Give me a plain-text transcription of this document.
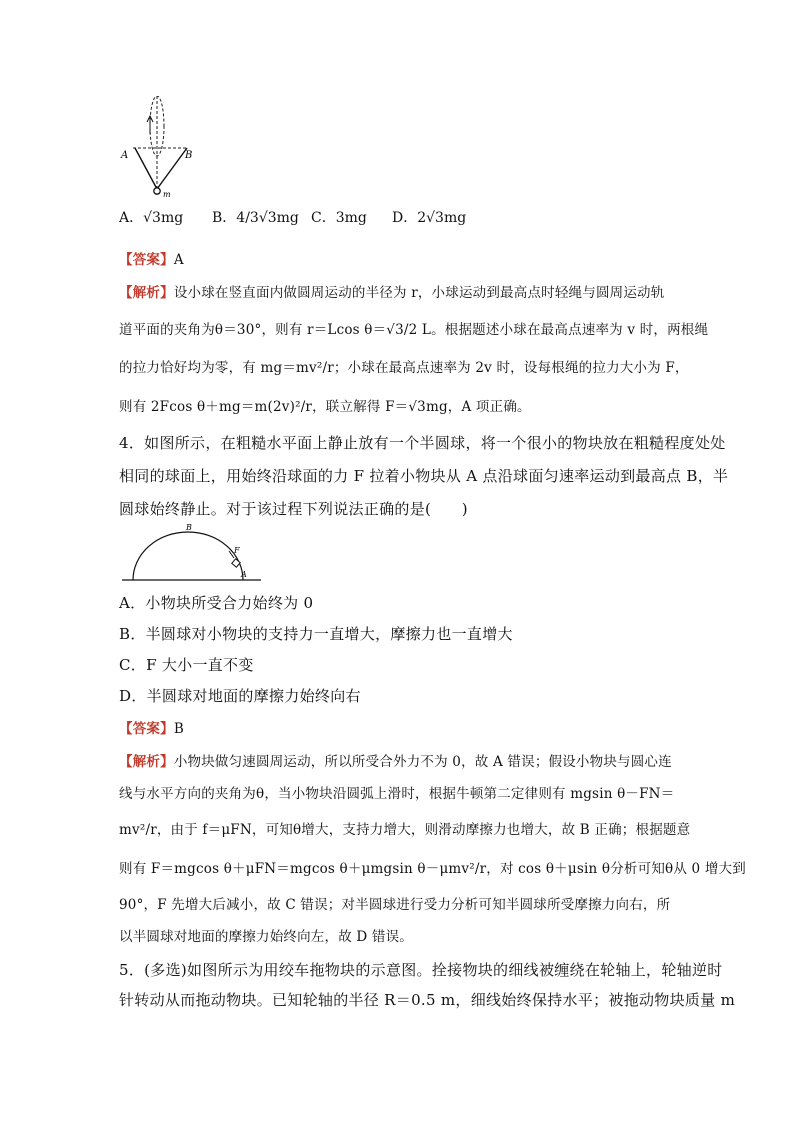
A	B
m
A．√3mg B．4/3√3mg C．3mg D．2√3mg
【答案】A
【解析】设小球在竖直面内做圆周运动的半径为 r，小球运动到最高点时轻绳与圆周运动轨
道平面的夹角为θ＝30°，则有 r＝Lcos θ＝√3/2 L。根据题述小球在最高点速率为 v 时，两根绳
的拉力恰好均为零，有 mg＝mv²/r；小球在最高点速率为 2v 时，设每根绳的拉力大小为 F，
则有 2Fcos θ＋mg＝m(2v)²/r，联立解得 F＝√3mg，A 项正确。
4．如图所示，在粗糙水平面上静止放有一个半圆球，将一个很小的物块放在粗糙程度处处
相同的球面上，用始终沿球面的力 F 拉着小物块从 A 点沿球面匀速率运动到最高点 B，半
圆球始终静止。对于该过程下列说法正确的是(　　)
B
F
A
A．小物块所受合力始终为 0
B．半圆球对小物块的支持力一直增大，摩擦力也一直增大
C．F 大小一直不变
D．半圆球对地面的摩擦力始终向右
【答案】B
【解析】小物块做匀速圆周运动，所以所受合外力不为 0，故 A 错误；假设小物块与圆心连
线与水平方向的夹角为θ，当小物块沿圆弧上滑时，根据牛顿第二定律则有 mgsin θ－FN＝
mv²/r，由于 f＝μFN，可知θ增大，支持力增大，则滑动摩擦力也增大，故 B 正确；根据题意
则有 F＝mgcos θ＋μFN＝mgcos θ＋μmgsin θ－μmv²/r，对 cos θ＋μsin θ分析可知θ从 0 增大到
90°，F 先增大后减小，故 C 错误；对半圆球进行受力分析可知半圆球所受摩擦力向右，所
以半圆球对地面的摩擦力始终向左，故 D 错误。
5．(多选)如图所示为用绞车拖物块的示意图。拴接物块的细线被缠绕在轮轴上，轮轴逆时
针转动从而拖动物块。已知轮轴的半径 R＝0.5 m，细线始终保持水平；被拖动物块质量 m
